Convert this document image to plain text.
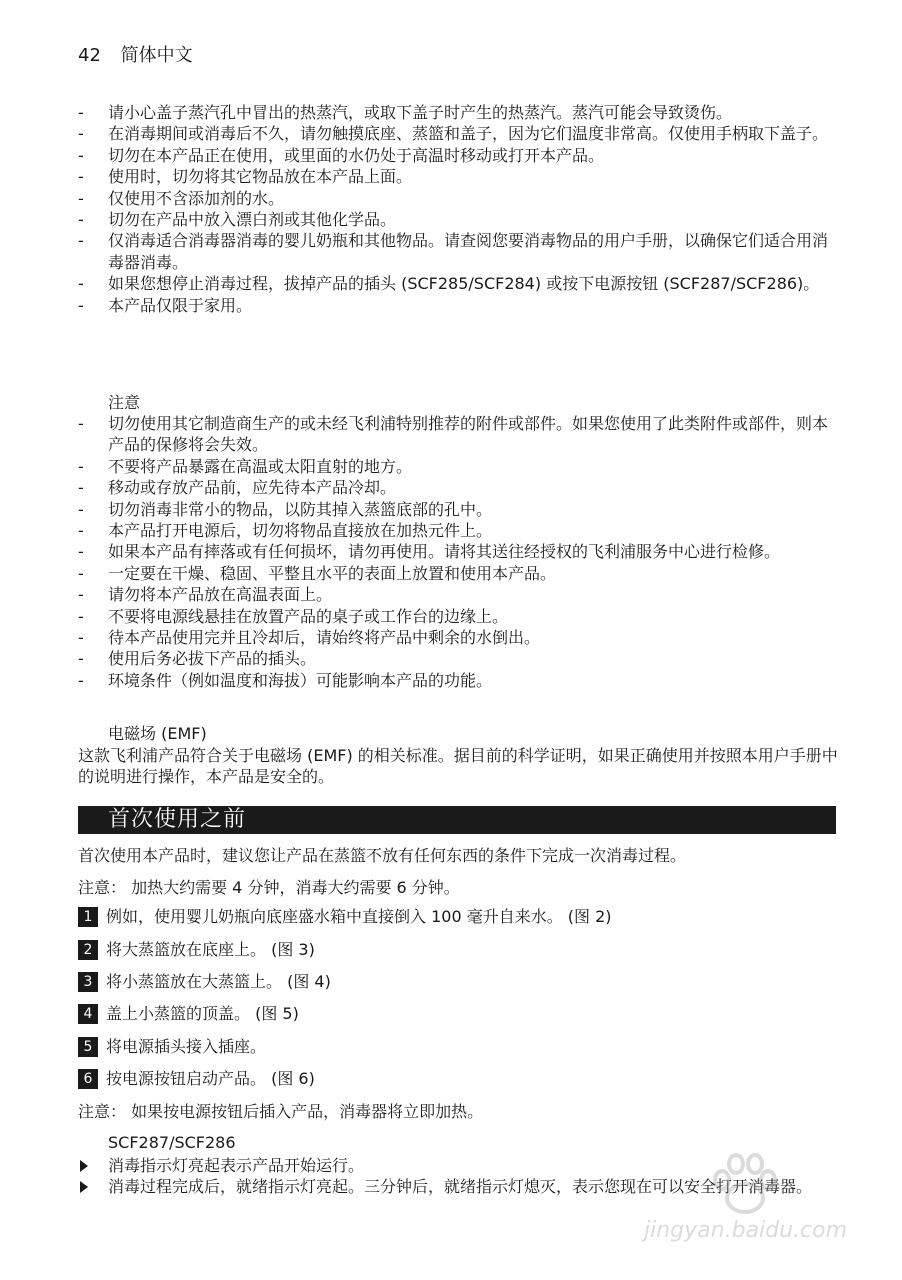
42 简体中文
- 请小心盖子蒸汽孔中冒出的热蒸汽，或取下盖子时产生的热蒸汽。蒸汽可能会导致烫伤。
- 在消毒期间或消毒后不久，请勿触摸底座、蒸篮和盖子，因为它们温度非常高。仅使用手柄取下盖子。
- 切勿在本产品正在使用，或里面的水仍处于高温时移动或打开本产品。
- 使用时，切勿将其它物品放在本产品上面。
- 仅使用不含添加剂的水。
- 切勿在产品中放入漂白剂或其他化学品。
- 仅消毒适合消毒器消毒的婴儿奶瓶和其他物品。请查阅您要消毒物品的用户手册，以确保它们适合用消毒器消毒。
- 如果您想停止消毒过程，拔掉产品的插头 (SCF285/SCF284) 或按下电源按钮 (SCF287/SCF286)。
- 本产品仅限于家用。
注意
- 切勿使用其它制造商生产的或未经飞利浦特别推荐的附件或部件。如果您使用了此类附件或部件，则本产品的保修将会失效。
- 不要将产品暴露在高温或太阳直射的地方。
- 移动或存放产品前，应先待本产品冷却。
- 切勿消毒非常小的物品，以防其掉入蒸篮底部的孔中。
- 本产品打开电源后，切勿将物品直接放在加热元件上。
- 如果本产品有摔落或有任何损坏，请勿再使用。请将其送往经授权的飞利浦服务中心进行检修。
- 一定要在干燥、稳固、平整且水平的表面上放置和使用本产品。
- 请勿将本产品放在高温表面上。
- 不要将电源线悬挂在放置产品的桌子或工作台的边缘上。
- 待本产品使用完并且冷却后，请始终将产品中剩余的水倒出。
- 使用后务必拔下产品的插头。
- 环境条件（例如温度和海拔）可能影响本产品的功能。
电磁场 (EMF)
这款飞利浦产品符合关于电磁场 (EMF) 的相关标准。据目前的科学证明，如果正确使用并按照本用户手册中的说明进行操作，本产品是安全的。
首次使用之前
首次使用本产品时，建议您让产品在蒸篮不放有任何东西的条件下完成一次消毒过程。
注意： 加热大约需要 4 分钟，消毒大约需要 6 分钟。
1 例如，使用婴儿奶瓶向底座盛水箱中直接倒入 100 毫升自来水。 (图 2)
2 将大蒸篮放在底座上。 (图 3)
3 将小蒸篮放在大蒸篮上。 (图 4)
4 盖上小蒸篮的顶盖。 (图 5)
5 将电源插头接入插座。
6 按电源按钮启动产品。 (图 6)
注意： 如果按电源按钮后插入产品，消毒器将立即加热。
SCF287/SCF286
消毒指示灯亮起表示产品开始运行。
消毒过程完成后，就绪指示灯亮起。三分钟后，就绪指示灯熄灭，表示您现在可以安全打开消毒器。
jingyan.baidu.com
